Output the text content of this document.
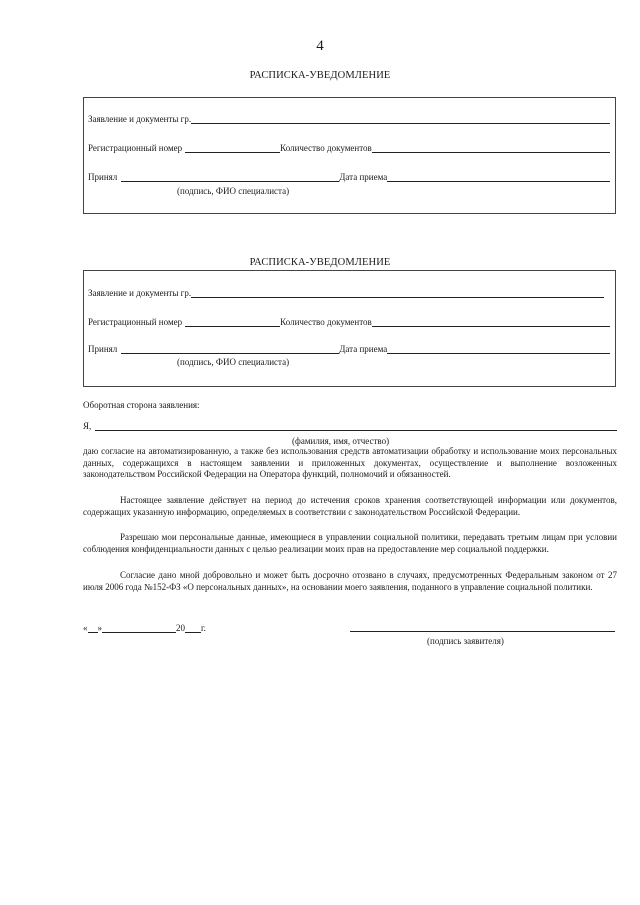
4
РАСПИСКА-УВЕДОМЛЕНИЕ
Заявление и документы гр.
Регистрационный номер	Количество документов
Принял	Дата приема
(подпись, ФИО специалиста)
РАСПИСКА-УВЕДОМЛЕНИЕ
Заявление и документы гр.
Регистрационный номер	Количество документов
Принял	Дата приема
(подпись, ФИО специалиста)
Оборотная сторона заявления:
Я,
(фамилия, имя, отчество)
даю согласие на автоматизированную, а также без использования средств автоматизации обработку и использование моих персональных данных, содержащихся в настоящем заявлении и приложенных документах, осуществление и выполнение возложенных законодательством Российской Федерации на Оператора функций, полномочий и обязанностей.
Настоящее заявление действует на период до истечения сроков хранения соответствующей информации или документов, содержащих указанную информацию, определяемых в соответствии с законодательством Российской Федерации.
Разрешаю мои персональные данные, имеющиеся в управлении социальной политики, передавать третьим лицам при условии соблюдения конфиденциальности данных с целью реализации моих прав на предоставление мер социальной поддержки.
Согласие дано мной добровольно и может быть досрочно отозвано в случаях, предусмотренных Федеральным законом от 27 июля 2006 года №152-ФЗ «О персональных данных», на основании моего заявления, поданного в управление социальной политики.
« »	20 г.
(подпись заявителя)
